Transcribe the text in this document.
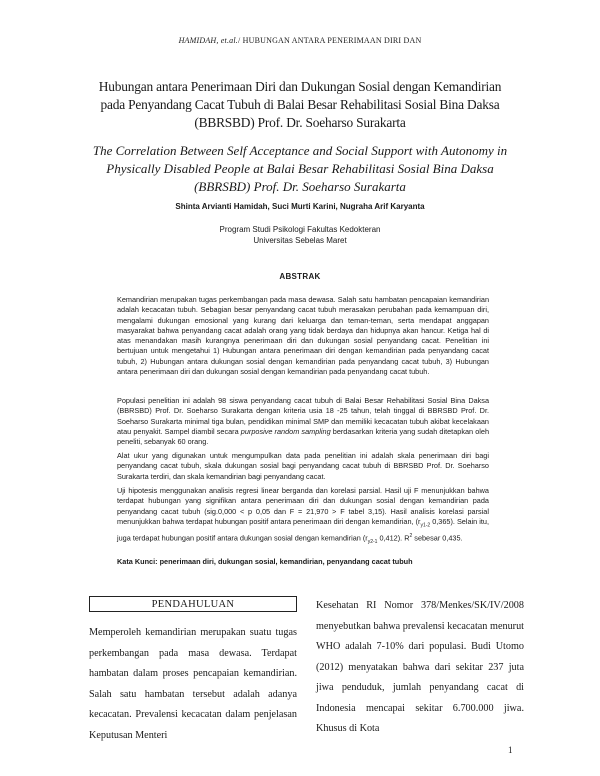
HAMIDAH, et.al./ HUBUNGAN ANTARA PENERIMAAN DIRI DAN
Hubungan antara Penerimaan Diri dan Dukungan Sosial dengan Kemandirian pada Penyandang Cacat Tubuh di Balai Besar Rehabilitasi Sosial Bina Daksa (BBRSBD) Prof. Dr. Soeharso Surakarta
The Correlation Between Self Acceptance and Social Support with Autonomy in Physically Disabled People at Balai Besar Rehabilitasi Sosial Bina Daksa (BBRSBD) Prof. Dr. Soeharso Surakarta
Shinta Arvianti Hamidah, Suci Murti Karini, Nugraha Arif Karyanta
Program Studi Psikologi Fakultas Kedokteran
Universitas Sebelas Maret
ABSTRAK
Kemandirian merupakan tugas perkembangan pada masa dewasa. Salah satu hambatan pencapaian kemandirian adalah kecacatan tubuh. Sebagian besar penyandang cacat tubuh merasakan perubahan pada kemampuan diri, mengalami dukungan emosional yang kurang dari keluarga dan teman-teman, serta mendapat anggapan masyarakat bahwa penyandang cacat adalah orang yang tidak berdaya dan hidupnya akan hancur. Ketiga hal di atas menandakan masih kurangnya penerimaan diri dan dukungan sosial penyandang cacat. Penelitian ini bertujuan untuk mengetahui 1) Hubungan antara penerimaan diri dengan kemandirian pada penyandang cacat tubuh, 2) Hubungan antara dukungan sosial dengan kemandirian pada penyandang cacat tubuh, 3) Hubungan antara penerimaan diri dan dukungan sosial dengan kemandirian pada penyandang cacat tubuh.
Populasi penelitian ini adalah 98 siswa penyandang cacat tubuh di Balai Besar Rehabilitasi Sosial Bina Daksa (BBRSBD) Prof. Dr. Soeharso Surakarta dengan kriteria usia 18 -25 tahun, telah tinggal di BBRSBD Prof. Dr. Soeharso Surakarta minimal tiga bulan, pendidikan minimal SMP dan memiliki kecacatan tubuh akibat kecelakaan atau penyakit. Sampel diambil secara purposive random sampling berdasarkan kriteria yang sudah ditetapkan oleh peneliti, sebanyak 60 orang.
Alat ukur yang digunakan untuk mengumpulkan data pada penelitian ini adalah skala penerimaan diri bagi penyandang cacat tubuh, skala dukungan sosial bagi penyandang cacat tubuh di BBRSBD Prof. Dr. Soeharso Surakarta terdiri, dan skala kemandirian bagi penyandang cacat.
Uji hipotesis menggunakan analisis regresi linear berganda dan korelasi parsial. Hasil uji F menunjukkan bahwa terdapat hubungan yang signifikan antara penerimaan diri dan dukungan sosial dengan kemandirian pada penyandang cacat tubuh (sig.0,000 < p 0,05 dan F = 21,970 > F tabel 3,15). Hasil analisis korelasi parsial menunjukkan bahwa terdapat hubungan positif antara penerimaan diri dengan kemandirian, ($r_{y1-2}$ 0,365). Selain itu, juga terdapat hubungan positif antara dukungan sosial dengan kemandirian ($r_{y2-1}$ 0,412). $R^2$ sebesar 0,435.
Kata Kunci: penerimaan diri, dukungan sosial, kemandirian, penyandang cacat tubuh
PENDAHULUAN
Memperoleh kemandirian merupakan suatu tugas perkembangan pada masa dewasa. Terdapat hambatan dalam proses pencapaian kemandirian. Salah satu hambatan tersebut adalah adanya kecacatan. Prevalensi kecacatan dalam penjelasan Keputusan Menteri
Kesehatan RI Nomor 378/Menkes/SK/IV/2008 menyebutkan bahwa prevalensi kecacatan menurut WHO adalah 7-10% dari populasi. Budi Utomo (2012) menyatakan bahwa dari sekitar 237 juta jiwa penduduk, jumlah penyandang cacat di Indonesia mencapai sekitar 6.700.000 jiwa. Khusus di Kota
1
